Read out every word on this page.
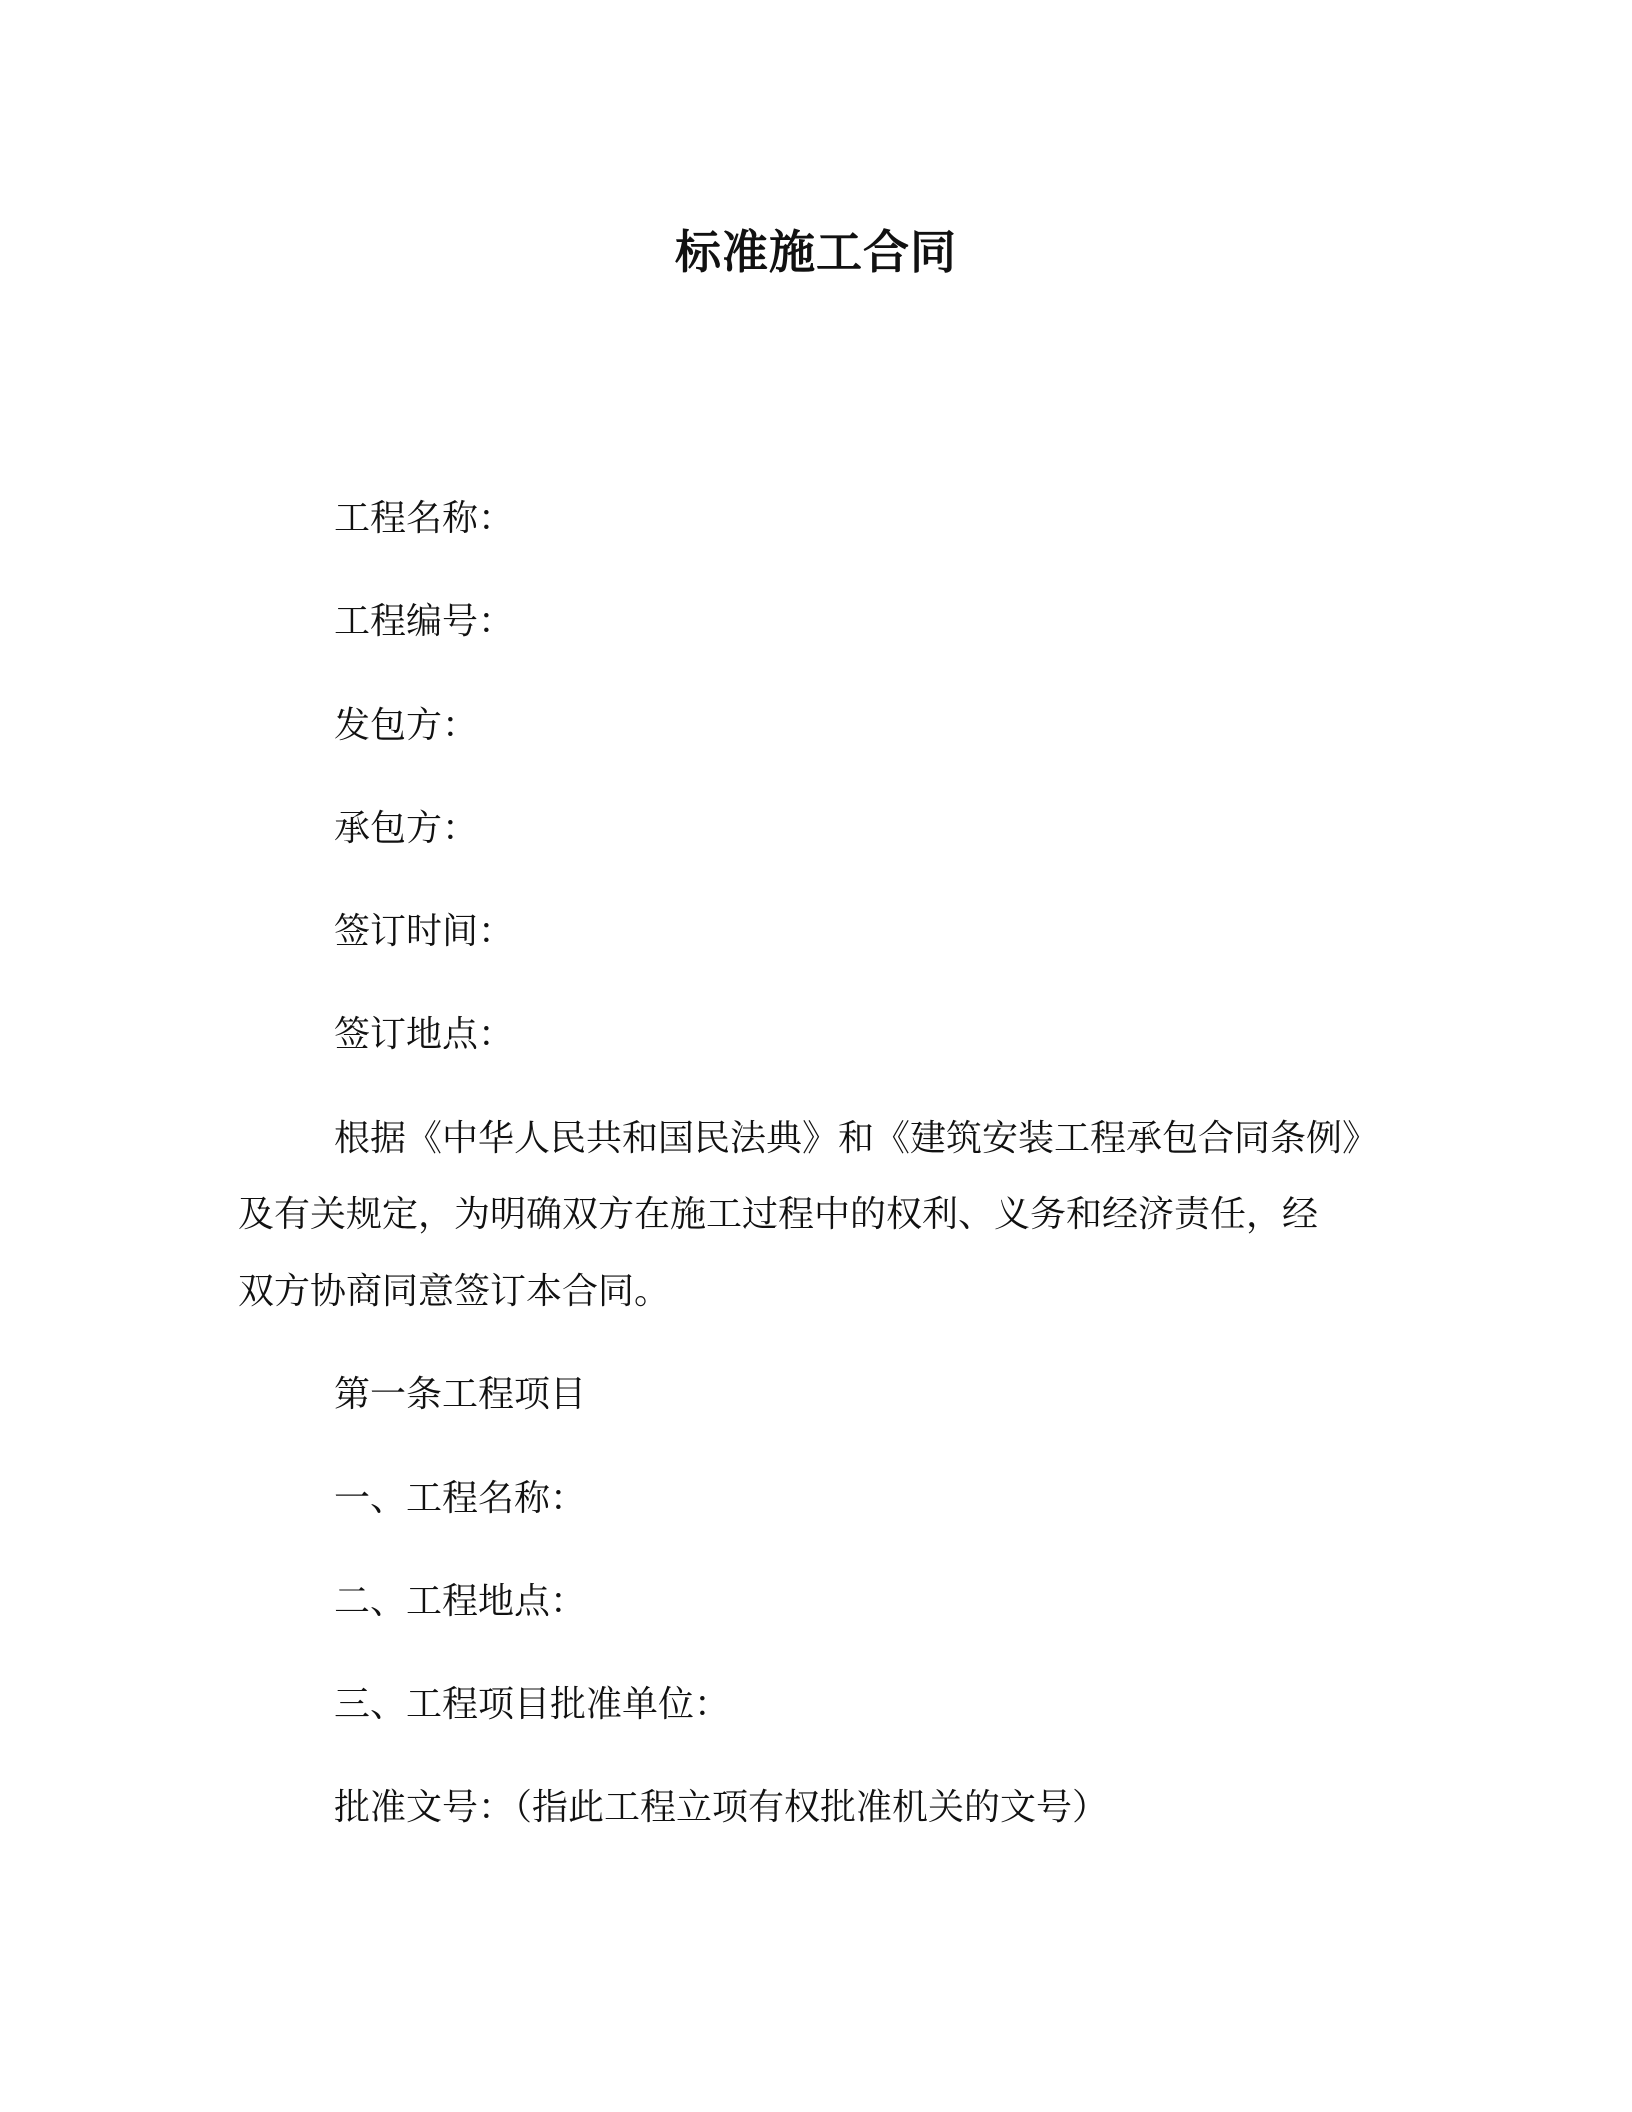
标准施工合同

工程名称：

工程编号：

发包方：

承包方：

签订时间：

签订地点：

根据《中华人民共和国民法典》和《建筑安装工程承包合同条例》

及有关规定，为明确双方在施工过程中的权利、义务和经济责任，经

双方协商同意签订本合同。

第一条工程项目

一、工程名称：

二、工程地点：

三、工程项目批准单位：

批准文号：（指此工程立项有权批准机关的文号）
